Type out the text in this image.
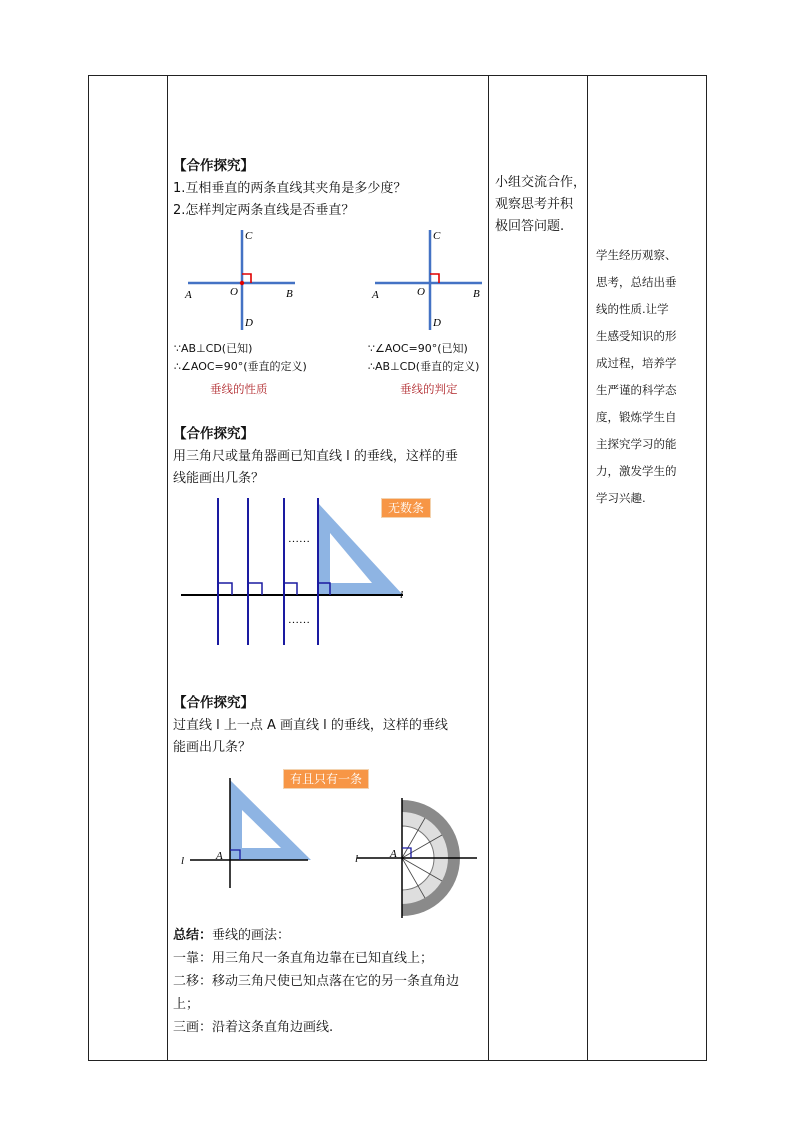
【合作探究】
1.互相垂直的两条直线其夹角是多少度？
2.怎样判定两条直线是否垂直？
A	B
C
D
O	A	B
C
D
O
∵AB⊥CD(已知)
∴∠AOC=90°(垂直的定义)
垂线的性质
∵∠AOC=90°(已知)
∴AB⊥CD(垂直的定义)
垂线的判定
【合作探究】
用三角尺或量角器画已知直线 l 的垂线，这样的垂
线能画出几条？
……
……
l
无数条
【合作探究】
过直线 l 上一点 A 画直线 l 的垂线，这样的垂线
能画出几条？
有且只有一条
l	A	l	A
总结：垂线的画法：
一靠：用三角尺一条直角边靠在已知直线上；
二移：移动三角尺使已知点落在它的另一条直角边
上；
三画：沿着这条直角边画线.
小组交流合作，
观察思考并积
极回答问题.
学生经历观察、
思考，总结出垂
线的性质.让学
生感受知识的形
成过程，培养学
生严谨的科学态
度，锻炼学生自
主探究学习的能
力，激发学生的
学习兴趣.
